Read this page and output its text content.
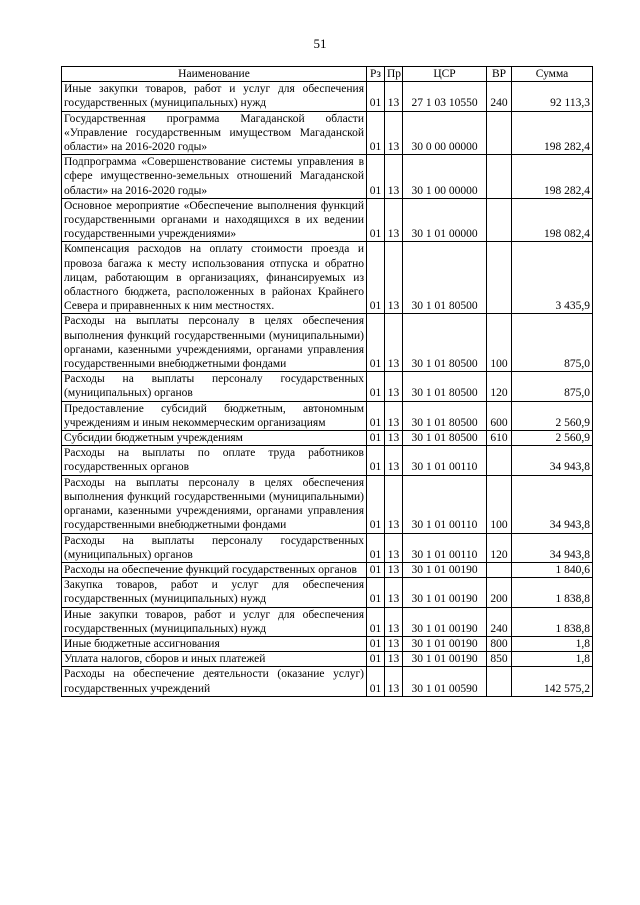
51
Наименование	Рз	Пр	ЦСР	ВР	Сумма
Иные закупки товаров, работ и услуг для обеспечения государственных (муниципальных) нужд	01	13	27 1 03 10550	240	92 113,3
Государственная программа Магаданской области «Управление государственным имуществом Магаданской области» на 2016-2020 годы»	01	13	30 0 00 00000		198 282,4
Подпрограмма «Совершенствование системы управления в сфере имущественно-земельных отношений Магаданской области» на 2016-2020 годы»	01	13	30 1 00 00000		198 282,4
Основное мероприятие «Обеспечение выполнения функций государственными органами и находящихся в их ведении государственными учреждениями»	01	13	30 1 01 00000		198 082,4
Компенсация расходов на оплату стоимости проезда и провоза багажа к месту использования отпуска и обратно лицам, работающим в организациях, финансируемых из областного бюджета, расположенных в районах Крайнего Севера и приравненных к ним местностях.	01	13	30 1 01 80500		3 435,9
Расходы на выплаты персоналу в целях обеспечения выполнения функций государственными (муниципальными) органами, казенными учреждениями, органами управления государственными внебюджетными фондами	01	13	30 1 01 80500	100	875,0
Расходы на выплаты персоналу государственных (муниципальных) органов	01	13	30 1 01 80500	120	875,0
Предоставление субсидий бюджетным, автономным учреждениям и иным некоммерческим организациям	01	13	30 1 01 80500	600	2 560,9
Субсидии бюджетным учреждениям	01	13	30 1 01 80500	610	2 560,9
Расходы на выплаты по оплате труда работников государственных органов	01	13	30 1 01 00110		34 943,8
Расходы на выплаты персоналу в целях обеспечения выполнения функций государственными (муниципальными) органами, казенными учреждениями, органами управления государственными внебюджетными фондами	01	13	30 1 01 00110	100	34 943,8
Расходы на выплаты персоналу государственных (муниципальных) органов	01	13	30 1 01 00110	120	34 943,8
Расходы на обеспечение функций государственных органов	01	13	30 1 01 00190		1 840,6
Закупка товаров, работ и услуг для обеспечения государственных (муниципальных) нужд	01	13	30 1 01 00190	200	1 838,8
Иные закупки товаров, работ и услуг для обеспечения государственных (муниципальных) нужд	01	13	30 1 01 00190	240	1 838,8
Иные бюджетные ассигнования	01	13	30 1 01 00190	800	1,8
Уплата налогов, сборов и иных платежей	01	13	30 1 01 00190	850	1,8
Расходы на обеспечение деятельности (оказание услуг) государственных учреждений	01	13	30 1 01 00590		142 575,2
